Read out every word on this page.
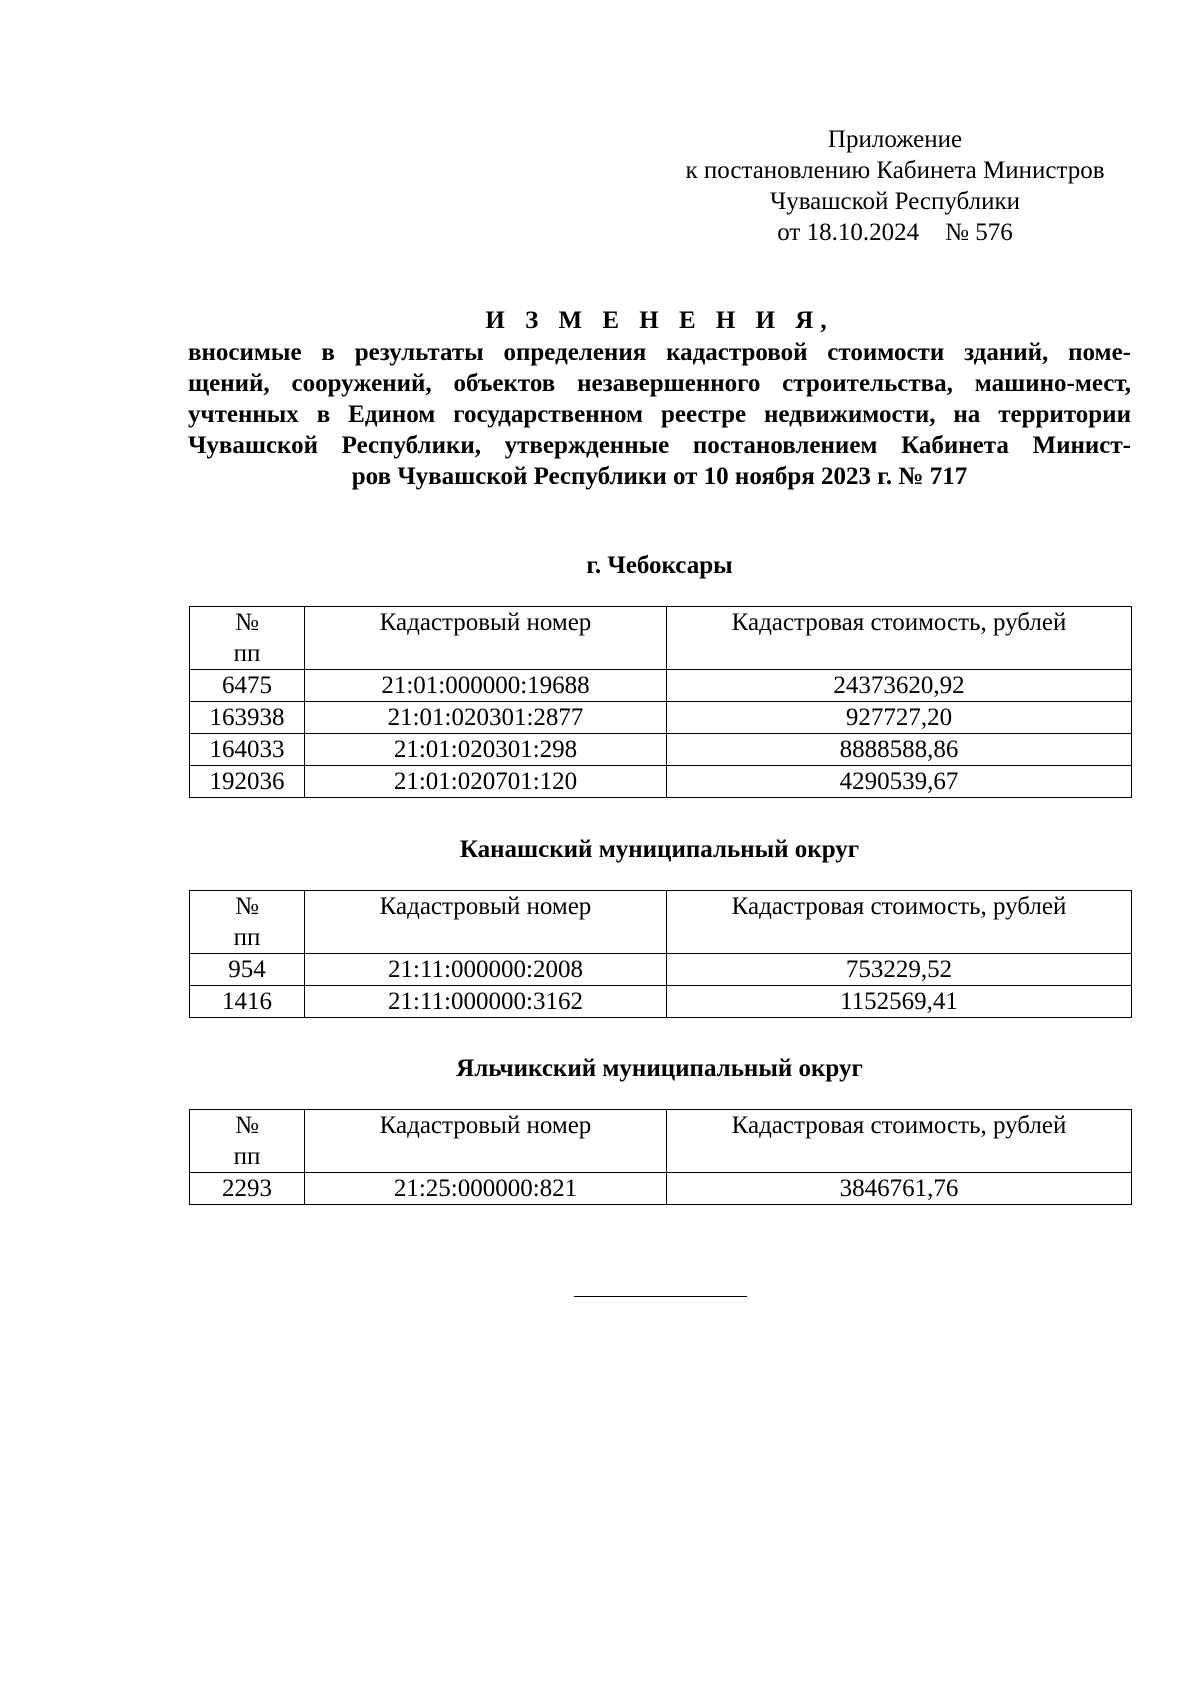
Приложение
к постановлению Кабинета Министров
Чувашской Республики
от 18.10.2024 № 576
И З М Е Н Е Н И Я,
вносимые в результаты определения кадастровой стоимости зданий, поме-
щений, сооружений, объектов незавершенного строительства, машино-мест,
учтенных в Едином государственном реестре недвижимости, на территории
Чувашской Республики, утвержденные постановлением Кабинета Минист-
ров Чувашской Республики от 10 ноября 2023 г. № 717
г. Чебоксары
№
пп	Кадастровый номер	Кадастровая стоимость, рублей
6475	21:01:000000:19688	24373620,92
163938	21:01:020301:2877	927727,20
164033	21:01:020301:298	8888588,86
192036	21:01:020701:120	4290539,67
Канашский муниципальный округ
№
пп	Кадастровый номер	Кадастровая стоимость, рублей
954	21:11:000000:2008	753229,52
1416	21:11:000000:3162	1152569,41
Яльчикский муниципальный округ
№
пп	Кадастровый номер	Кадастровая стоимость, рублей
2293	21:25:000000:821	3846761,76
